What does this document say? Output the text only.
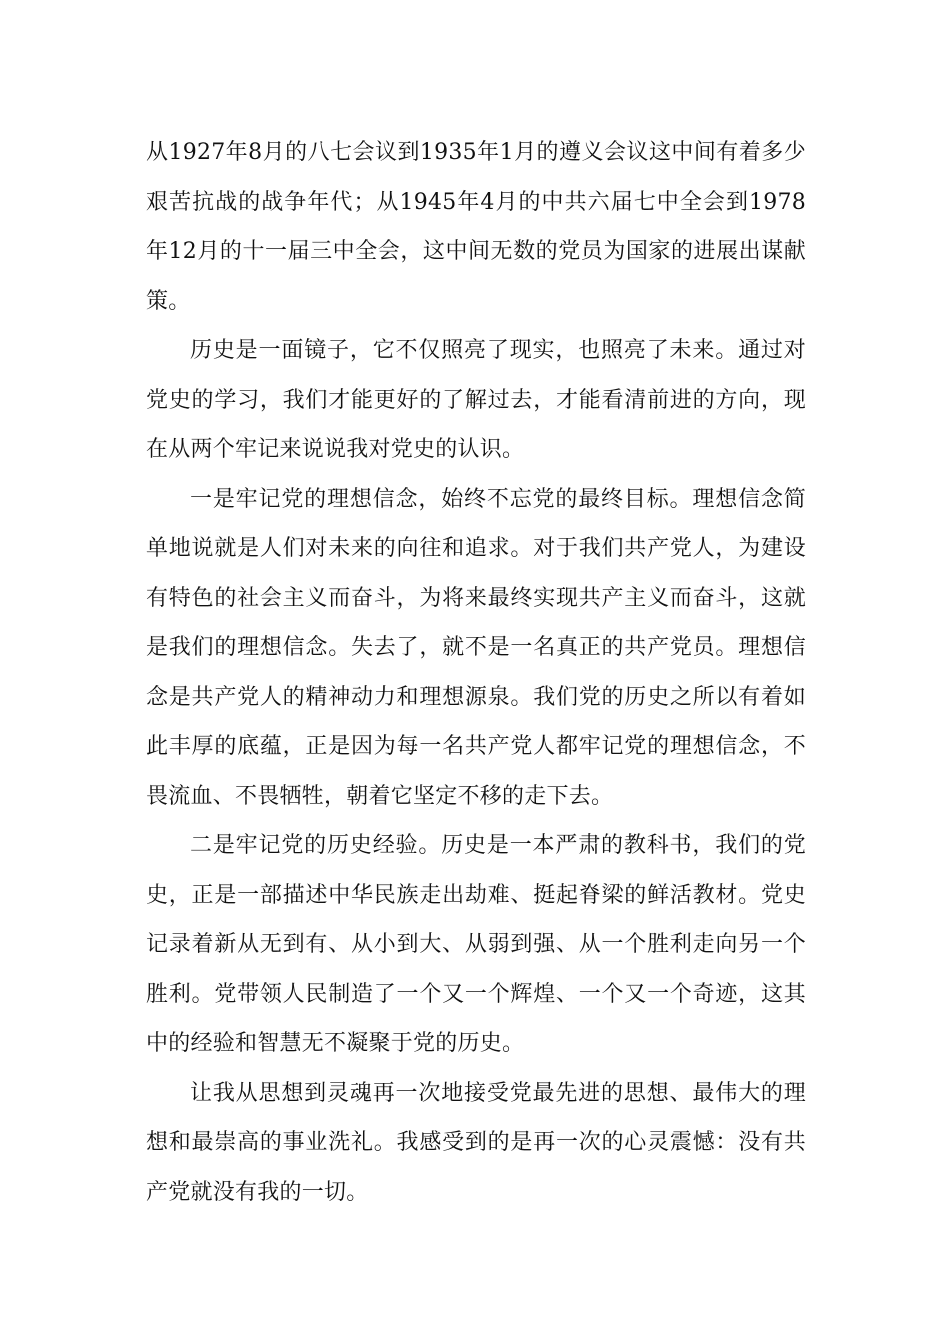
从1927年8月的八七会议到1935年1月的遵义会议这中间有着多少艰苦抗战的战争年代；从1945年4月的中共六届七中全会到1978年12月的十一届三中全会，这中间无数的党员为国家的进展出谋献策。

历史是一面镜子，它不仅照亮了现实，也照亮了未来。通过对党史的学习，我们才能更好的了解过去，才能看清前进的方向，现在从两个牢记来说说我对党史的认识。

一是牢记党的理想信念，始终不忘党的最终目标。理想信念简单地说就是人们对未来的向往和追求。对于我们共产党人，为建设有特色的社会主义而奋斗，为将来最终实现共产主义而奋斗，这就是我们的理想信念。失去了，就不是一名真正的共产党员。理想信念是共产党人的精神动力和理想源泉。我们党的历史之所以有着如此丰厚的底蕴，正是因为每一名共产党人都牢记党的理想信念，不畏流血、不畏牺牲，朝着它坚定不移的走下去。

二是牢记党的历史经验。历史是一本严肃的教科书，我们的党史，正是一部描述中华民族走出劫难、挺起脊梁的鲜活教材。党史记录着新从无到有、从小到大、从弱到强、从一个胜利走向另一个胜利。党带领人民制造了一个又一个辉煌、一个又一个奇迹，这其中的经验和智慧无不凝聚于党的历史。

让我从思想到灵魂再一次地接受党最先进的思想、最伟大的理想和最崇高的事业洗礼。我感受到的是再一次的心灵震憾：没有共产党就没有我的一切。
